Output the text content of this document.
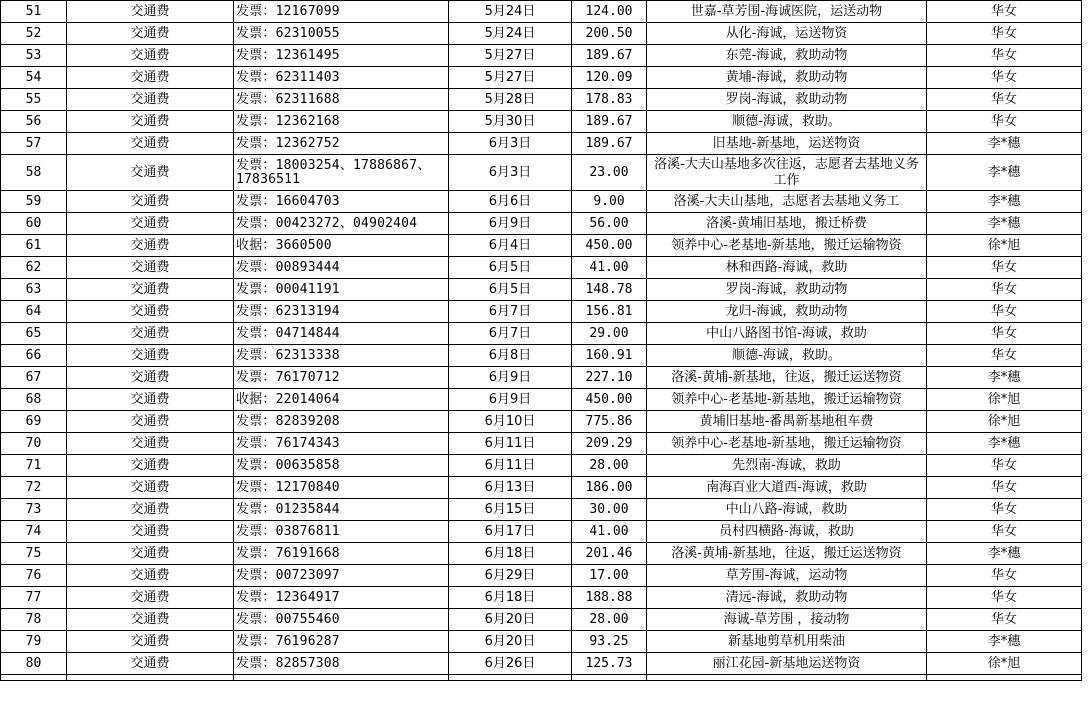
51	交通费	发票：12167099	5月24日	124.00	世嘉-草芳围-海诚医院，运送动物	华女
52	交通费	发票：62310055	5月24日	200.50	从化-海诚，运送物资	华女
53	交通费	发票：12361495	5月27日	189.67	东莞-海诚，救助动物	华女
54	交通费	发票：62311403	5月27日	120.09	黄埔-海诚，救助动物	华女
55	交通费	发票：62311688	5月28日	178.83	罗岗-海诚，救助动物	华女
56	交通费	发票：12362168	5月30日	189.67	顺德-海诚，救助。	华女
57	交通费	发票：12362752	6月3日	189.67	旧基地-新基地，运送物资	李*穗
58	交通费	发票：18003254、17886867、17836511	6月3日	23.00	洛溪-大夫山基地多次往返，志愿者去基地义务工作	李*穗
59	交通费	发票：16604703	6月6日	9.00	洛溪-大夫山基地，志愿者去基地义务工	李*穗
60	交通费	发票：00423272、04902404	6月9日	56.00	洛溪-黄埔旧基地，搬迁桥费	李*穗
61	交通费	收据：3660500	6月4日	450.00	领养中心-老基地-新基地，搬迁运输物资	徐*旭
62	交通费	发票：00893444	6月5日	41.00	林和西路-海诚，救助	华女
63	交通费	发票：00041191	6月5日	148.78	罗岗-海诚，救助动物	华女
64	交通费	发票：62313194	6月7日	156.81	龙归-海诚，救助动物	华女
65	交通费	发票：04714844	6月7日	29.00	中山八路图书馆-海诚，救助	华女
66	交通费	发票：62313338	6月8日	160.91	顺德-海诚，救助。	华女
67	交通费	发票：76170712	6月9日	227.10	洛溪-黄埔-新基地，往返，搬迁运送物资	李*穗
68	交通费	收据：22014064	6月9日	450.00	领养中心-老基地-新基地，搬迁运输物资	徐*旭
69	交通费	发票：82839208	6月10日	775.86	黄埔旧基地-番禺新基地租车费	徐*旭
70	交通费	发票：76174343	6月11日	209.29	领养中心-老基地-新基地，搬迁运输物资	李*穗
71	交通费	发票：00635858	6月11日	28.00	先烈南-海诚，救助	华女
72	交通费	发票：12170840	6月13日	186.00	南海百业大道西-海诚，救助	华女
73	交通费	发票：01235844	6月15日	30.00	中山八路-海诚，救助	华女
74	交通费	发票：03876811	6月17日	41.00	员村四横路-海诚，救助	华女
75	交通费	发票：76191668	6月18日	201.46	洛溪-黄埔-新基地，往返，搬迁运送物资	李*穗
76	交通费	发票：00723097	6月29日	17.00	草芳围-海诚，运动物	华女
77	交通费	发票：12364917	6月18日	188.88	清远-海诚，救助动物	华女
78	交通费	发票：00755460	6月20日	28.00	海诚-草芳围 ，接动物	华女
79	交通费	发票：76196287	6月20日	93.25	新基地剪草机用柴油	李*穗
80	交通费	发票：82857308	6月26日	125.73	丽江花园-新基地运送物资	徐*旭
